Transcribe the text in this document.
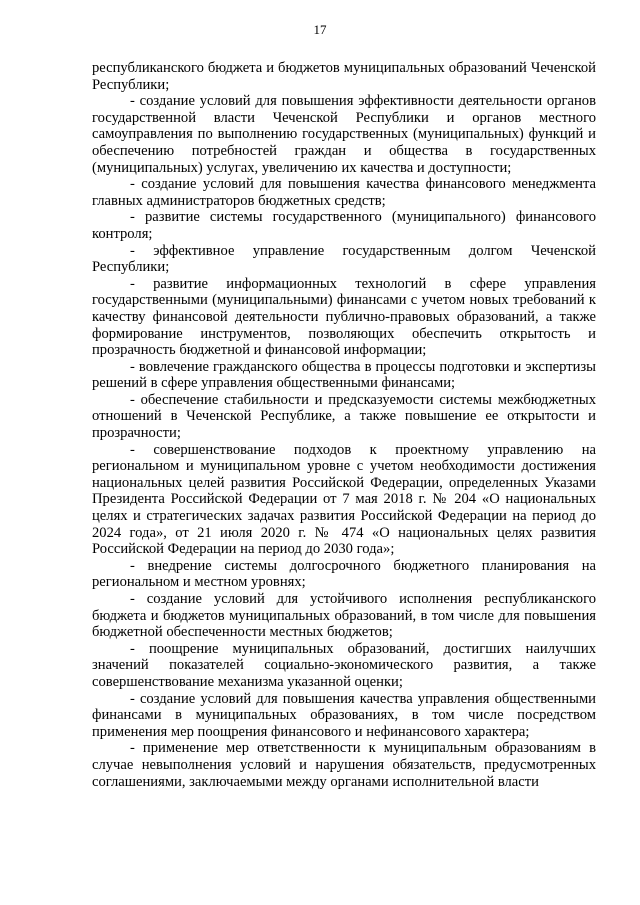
17

республиканского бюджета и бюджетов муниципальных образований Чеченской Республики;

- создание условий для повышения эффективности деятельности органов государственной власти Чеченской Республики и органов местного самоуправления по выполнению государственных (муниципальных) функций и обеспечению потребностей граждан и общества в государственных (муниципальных) услугах, увеличению их качества и доступности;

- создание условий для повышения качества финансового менеджмента главных администраторов бюджетных средств;

- развитие системы государственного (муниципального) финансового контроля;

- эффективное управление государственным долгом Чеченской Республики;

- развитие информационных технологий в сфере управления государственными (муниципальными) финансами с учетом новых требований к качеству финансовой деятельности публично-правовых образований, а также формирование инструментов, позволяющих обеспечить открытость и прозрачность бюджетной и финансовой информации;

- вовлечение гражданского общества в процессы подготовки и экспертизы решений в сфере управления общественными финансами;

- обеспечение стабильности и предсказуемости системы межбюджетных отношений в Чеченской Республике, а также повышение ее открытости и прозрачности;

- совершенствование подходов к проектному управлению на региональном и муниципальном уровне с учетом необходимости достижения национальных целей развития Российской Федерации, определенных Указами Президента Российской Федерации от 7 мая 2018 г. № 204 «О национальных целях и стратегических задачах развития Российской Федерации на период до 2024 года», от 21 июля 2020 г. № 474 «О национальных целях развития Российской Федерации на период до 2030 года»;

- внедрение системы долгосрочного бюджетного планирования на региональном и местном уровнях;

- создание условий для устойчивого исполнения республиканского бюджета и бюджетов муниципальных образований, в том числе для повышения бюджетной обеспеченности местных бюджетов;

- поощрение муниципальных образований, достигших наилучших значений показателей социально-экономического развития, а также совершенствование механизма указанной оценки;

- создание условий для повышения качества управления общественными финансами в муниципальных образованиях, в том числе посредством применения мер поощрения финансового и нефинансового характера;

- применение мер ответственности к муниципальным образованиям в случае невыполнения условий и нарушения обязательств, предусмотренных соглашениями, заключаемыми между органами исполнительной власти
